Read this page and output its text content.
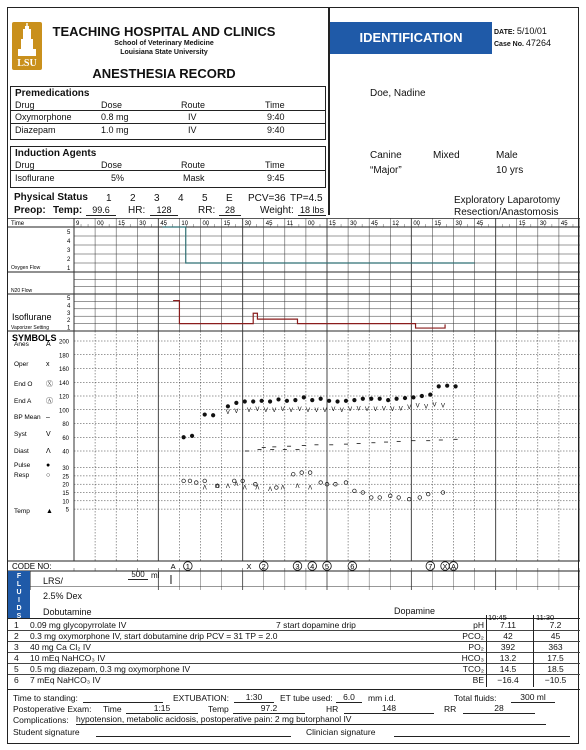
LSU
TEACHING HOSPITAL AND CLINICS
School of Veterinary Medicine
Louisiana State University
ANESTHESIA RECORD
IDENTIFICATION	DATE: 5/10/01
Case No. 47264
Doe, Nadine
Canine	Mixed	Male
“Major”	10 yrs
Exploratory Laparotomy
Resection/Anastomosis
Premedications
Drug	Dose	Route	Time
Oxymorphone	0.8 mg	IV	9:40
Diazepam	1.0 mg	IV	9:40
Induction Agents
Drug	Dose	Route	Time
Isoflurane	5%	Mask	9:45
Physical Status 1 2 3 4 5 E PCV=36 TP=4.5
Preop: Temp:	99.6	HR:	128	RR:	28	Weight: 18 lbs
Time
Oxygen Flow
N20 Flow
Isoflurane
Vaporizer Setting
9	00 15 30 45 10 00 15 30 45 11 00 15 30 45 12 00 15 30 45	15 30 45
5
4
3
2
1
5
4
3
2
1
SYMBOLS
Anes A
Oper	x
End O Ⓧ
End A Ⓐ
BP Mean –
Syst	V
Diast Λ
Pulse ●
Resp ○
Temp ▲
200
180
160
140
120
100
80
60
40
30
25
20
15
10
5
V V V V V V V V V V V V V V V V V V V V V V V V V V
Λ Λ Λ Λ
Λ Λ Λ Λ Λ Λ
CODE NO:	A 1	X 2	3 4 5	6	7 X A
FLUIDS
LRS/
500 ml
2.5% Dex
Dobutamine	Dopamine
1 0.09 mg glycopyrrolate IV	7 start dopamine drip
2 0.3 mg oxymorphone IV, start dobutamine drip PCV = 31 TP = 2.0
3 40 mg Ca Cl₂ IV
4 10 mEq NaHCO₃ IV
5 0.5 mg diazepam, 0.3 mg oxymorphone IV
6 7 mEq NaHCO₃ IV
10:45	11:30
pH	7.11	7.2
PCO₂	42	45
PO₂	392	363
HCO₃	13.2	17.5
TCO₂	14.5	18.5
BE	−16.4	−10.5
Time to standing:	EXTUBATION:	1:30	ET tube used:	6.0	mm i.d.	Total fluids:	300 ml
Postoperative Exam: Time	1:15	Temp	97.2	HR	148	RR	28
Complications: hypotension, metabolic acidosis, postoperative pain: 2 mg butorphanol IV
Student signature	Clinician signature
